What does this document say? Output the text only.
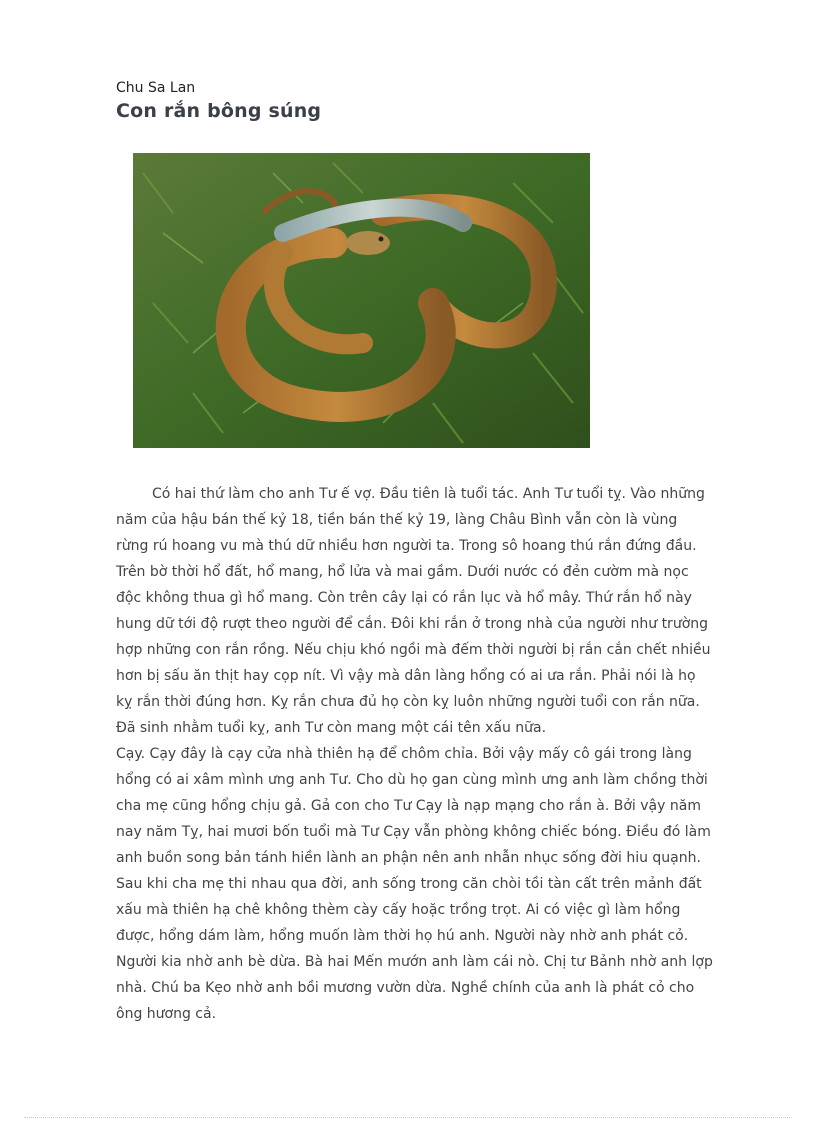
Chu Sa Lan
Con rắn bông súng
Có hai thứ làm cho anh Tư ế vợ. Đầu tiên là tuổi tác. Anh Tư tuổi tỵ. Vào những
năm của hậu bán thế kỷ 18, tiền bán thế kỷ 19, làng Châu Bình vẫn còn là vùng
rừng rú hoang vu mà thú dữ nhiều hơn người ta. Trong sô hoang thú rắn đứng đầu.
Trên bờ thời hổ đất, hổ mang, hổ lửa và mai gầm. Dưới nước có đẻn cườm mà nọc
độc không thua gì hổ mang. Còn trên cây lại có rắn lục và hổ mây. Thứ rắn hổ này
hung dữ tới độ rượt theo người để cắn. Đôi khi rắn ở trong nhà của người như trường
hợp những con rắn rồng. Nếu chịu khó ngồi mà đếm thời người bị rắn cắn chết nhiều
hơn bị sấu ăn thịt hay cọp nít. Vì vậy mà dân làng hổng có ai ưa rắn. Phải nói là họ
kỵ rắn thời đúng hơn. Kỵ rắn chưa đủ họ còn kỵ luôn những người tuổi con rắn nữa.
Đã sinh nhằm tuổi kỵ, anh Tư còn mang một cái tên xấu nữa.
Cạy. Cạy đây là cạy cửa nhà thiên hạ để chôm chỉa. Bởi vậy mấy cô gái trong làng
hổng có ai xâm mình ưng anh Tư. Cho dù họ gan cùng mình ưng anh làm chồng thời
cha mẹ cũng hổng chịu gả. Gả con cho Tư Cạy là nạp mạng cho rắn à. Bởi vậy năm
nay năm Tỵ, hai mươi bốn tuổi mà Tư Cạy vẫn phòng không chiếc bóng. Điều đó làm
anh buồn song bản tánh hiền lành an phận nên anh nhẫn nhục sống đời hiu quạnh.
Sau khi cha mẹ thi nhau qua đời, anh sống trong căn chòi tồi tàn cất trên mảnh đất
xấu mà thiên hạ chê không thèm cày cấy hoặc trồng trọt. Ai có việc gì làm hổng
được, hổng dám làm, hổng muốn làm thời họ hú anh. Người này nhờ anh phát cỏ.
Người kia nhờ anh bè dừa. Bà hai Mến mướn anh làm cái nò. Chị tư Bảnh nhờ anh lợp
nhà. Chú ba Kẹo nhờ anh bồi mương vườn dừa. Nghề chính của anh là phát cỏ cho
ông hương cả.
